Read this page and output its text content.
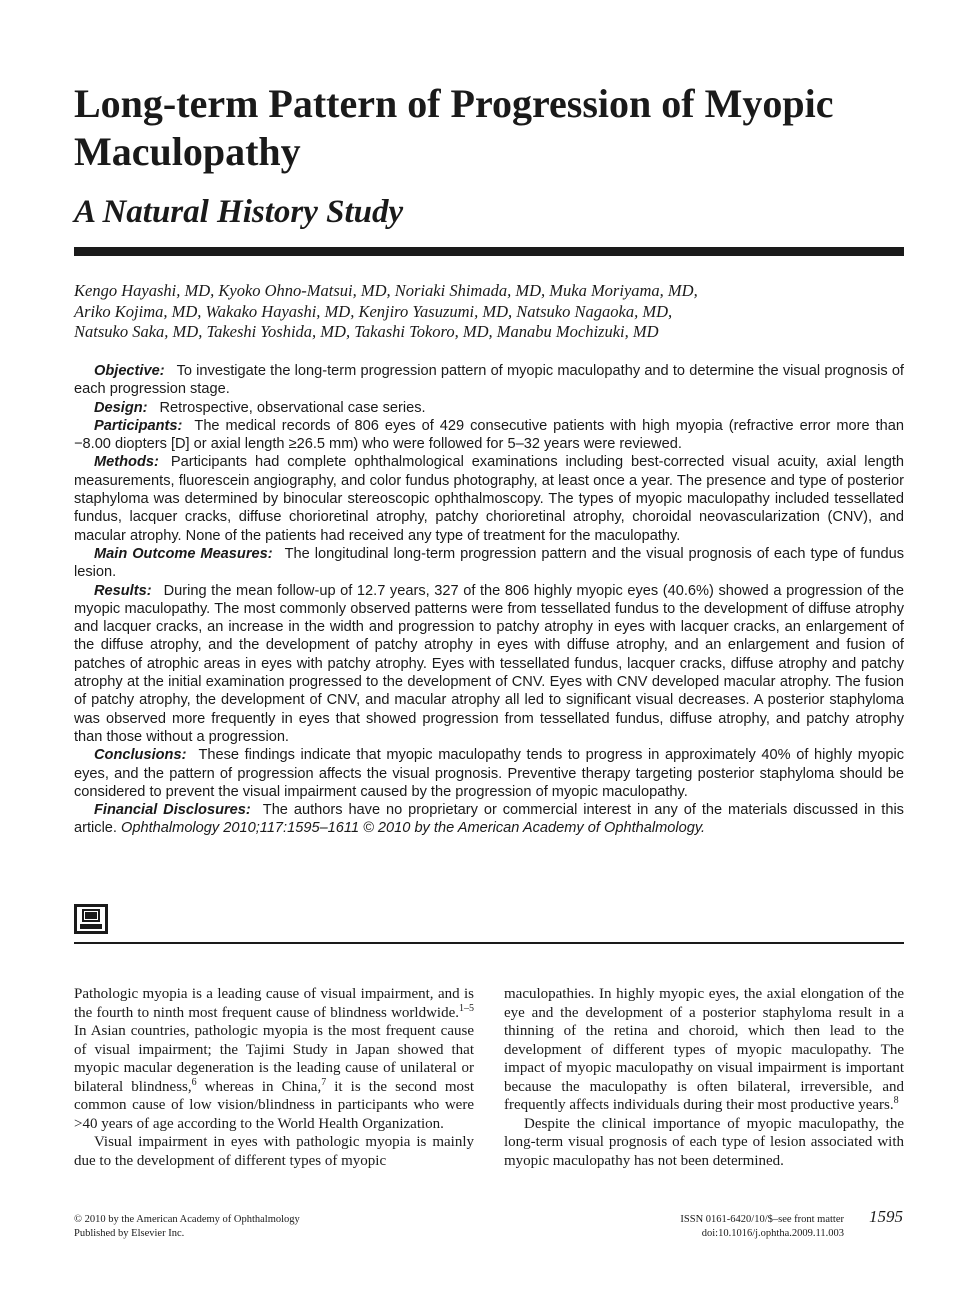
Long-term Pattern of Progression of Myopic Maculopathy
A Natural History Study
Kengo Hayashi, MD, Kyoko Ohno-Matsui, MD, Noriaki Shimada, MD, Muka Moriyama, MD,
Ariko Kojima, MD, Wakako Hayashi, MD, Kenjiro Yasuzumi, MD, Natsuko Nagaoka, MD,
Natsuko Saka, MD, Takeshi Yoshida, MD, Takashi Tokoro, MD, Manabu Mochizuki, MD

Objective: To investigate the long-term progression pattern of myopic maculopathy and to determine the visual prognosis of each progression stage.

Design: Retrospective, observational case series.

Participants: The medical records of 806 eyes of 429 consecutive patients with high myopia (refractive error more than −8.00 diopters [D] or axial length ≥26.5 mm) who were followed for 5–32 years were reviewed.

Methods: Participants had complete ophthalmological examinations including best-corrected visual acuity, axial length measurements, fluorescein angiography, and color fundus photography, at least once a year. The presence and type of posterior staphyloma was determined by binocular stereoscopic ophthalmoscopy. The types of myopic maculopathy included tessellated fundus, lacquer cracks, diffuse chorioretinal atrophy, patchy chorioretinal atrophy, choroidal neovascularization (CNV), and macular atrophy. None of the patients had received any type of treatment for the maculopathy.

Main Outcome Measures: The longitudinal long-term progression pattern and the visual prognosis of each type of fundus lesion.

Results: During the mean follow-up of 12.7 years, 327 of the 806 highly myopic eyes (40.6%) showed a progression of the myopic maculopathy. The most commonly observed patterns were from tessellated fundus to the development of diffuse atrophy and lacquer cracks, an increase in the width and progression to patchy atrophy in eyes with lacquer cracks, an enlargement of the diffuse atrophy, and the development of patchy atrophy in eyes with diffuse atrophy, and an enlargement and fusion of patches of atrophic areas in eyes with patchy atrophy. Eyes with tessellated fundus, lacquer cracks, diffuse atrophy and patchy atrophy at the initial examination progressed to the development of CNV. Eyes with CNV developed macular atrophy. The fusion of patchy atrophy, the development of CNV, and macular atrophy all led to significant visual decreases. A posterior staphyloma was observed more frequently in eyes that showed progression from tessellated fundus, diffuse atrophy, and patchy atrophy than those without a progression.

Conclusions: These findings indicate that myopic maculopathy tends to progress in approximately 40% of highly myopic eyes, and the pattern of progression affects the visual prognosis. Preventive therapy targeting posterior staphyloma should be considered to prevent the visual impairment caused by the progression of myopic maculopathy.

Financial Disclosures: The authors have no proprietary or commercial interest in any of the materials discussed in this article. Ophthalmology 2010;117:1595–1611 © 2010 by the American Academy of Ophthalmology.

Pathologic myopia is a leading cause of visual impairment, and is the fourth to ninth most frequent cause of blindness worldwide.$^{1-5}$ In Asian countries, pathologic myopia is the most frequent cause of visual impairment; the Tajimi Study in Japan showed that myopic macular degeneration is the leading cause of unilateral or bilateral blindness,$^6$ whereas in China,$^7$ it is the second most common cause of low vision/blindness in participants who were >40 years of age according to the World Health Organization.

Visual impairment in eyes with pathologic myopia is mainly due to the development of different types of myopic

maculopathies. In highly myopic eyes, the axial elongation of the eye and the development of a posterior staphyloma result in a thinning of the retina and choroid, which then lead to the development of different types of myopic maculopathy. The impact of myopic maculopathy on visual impairment is important because the maculopathy is often bilateral, irreversible, and frequently affects individuals during their most productive years.$^8$

Despite the clinical importance of myopic maculopathy, the long-term visual prognosis of each type of lesion associated with myopic maculopathy has not been determined.

© 2010 by the American Academy of Ophthalmology
Published by Elsevier Inc.
ISSN 0161-6420/10/$–see front matter
doi:10.1016/j.ophtha.2009.11.003
1595
